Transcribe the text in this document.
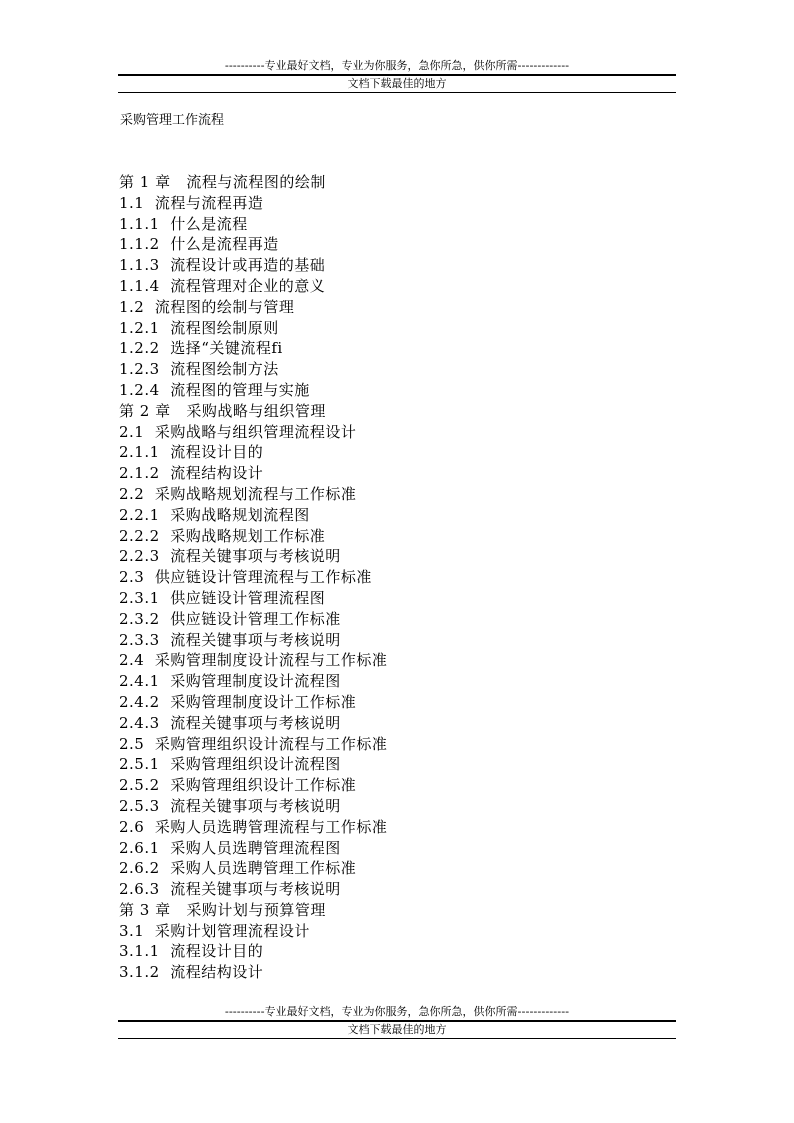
----------专业最好文档，专业为你服务，急你所急，供你所需-------------
文档下载最佳的地方
采购管理工作流程
第 1 章   流程与流程图的绘制
1.1  流程与流程再造
1.1.1  什么是流程
1.1.2  什么是流程再造
1.1.3  流程设计或再造的基础
1.1.4  流程管理对企业的意义
1.2  流程图的绘制与管理
1.2.1  流程图绘制原则
1.2.2  选择“关键流程fi
1.2.3  流程图绘制方法
1.2.4  流程图的管理与实施
第 2 章   采购战略与组织管理
2.1  采购战略与组织管理流程设计
2.1.1  流程设计目的
2.1.2  流程结构设计
2.2  采购战略规划流程与工作标准
2.2.1  采购战略规划流程图
2.2.2  采购战略规划工作标准
2.2.3  流程关键事项与考核说明
2.3  供应链设计管理流程与工作标准
2.3.1  供应链设计管理流程图
2.3.2  供应链设计管理工作标准
2.3.3  流程关键事项与考核说明
2.4  采购管理制度设计流程与工作标准
2.4.1  采购管理制度设计流程图
2.4.2  采购管理制度设计工作标准
2.4.3  流程关键事项与考核说明
2.5  采购管理组织设计流程与工作标准
2.5.1  采购管理组织设计流程图
2.5.2  采购管理组织设计工作标准
2.5.3  流程关键事项与考核说明
2.6  采购人员选聘管理流程与工作标准
2.6.1  采购人员选聘管理流程图
2.6.2  采购人员选聘管理工作标准
2.6.3  流程关键事项与考核说明
第 3 章   采购计划与预算管理
3.1  采购计划管理流程设计
3.1.1  流程设计目的
3.1.2  流程结构设计
----------专业最好文档，专业为你服务，急你所急，供你所需-------------
文档下载最佳的地方
